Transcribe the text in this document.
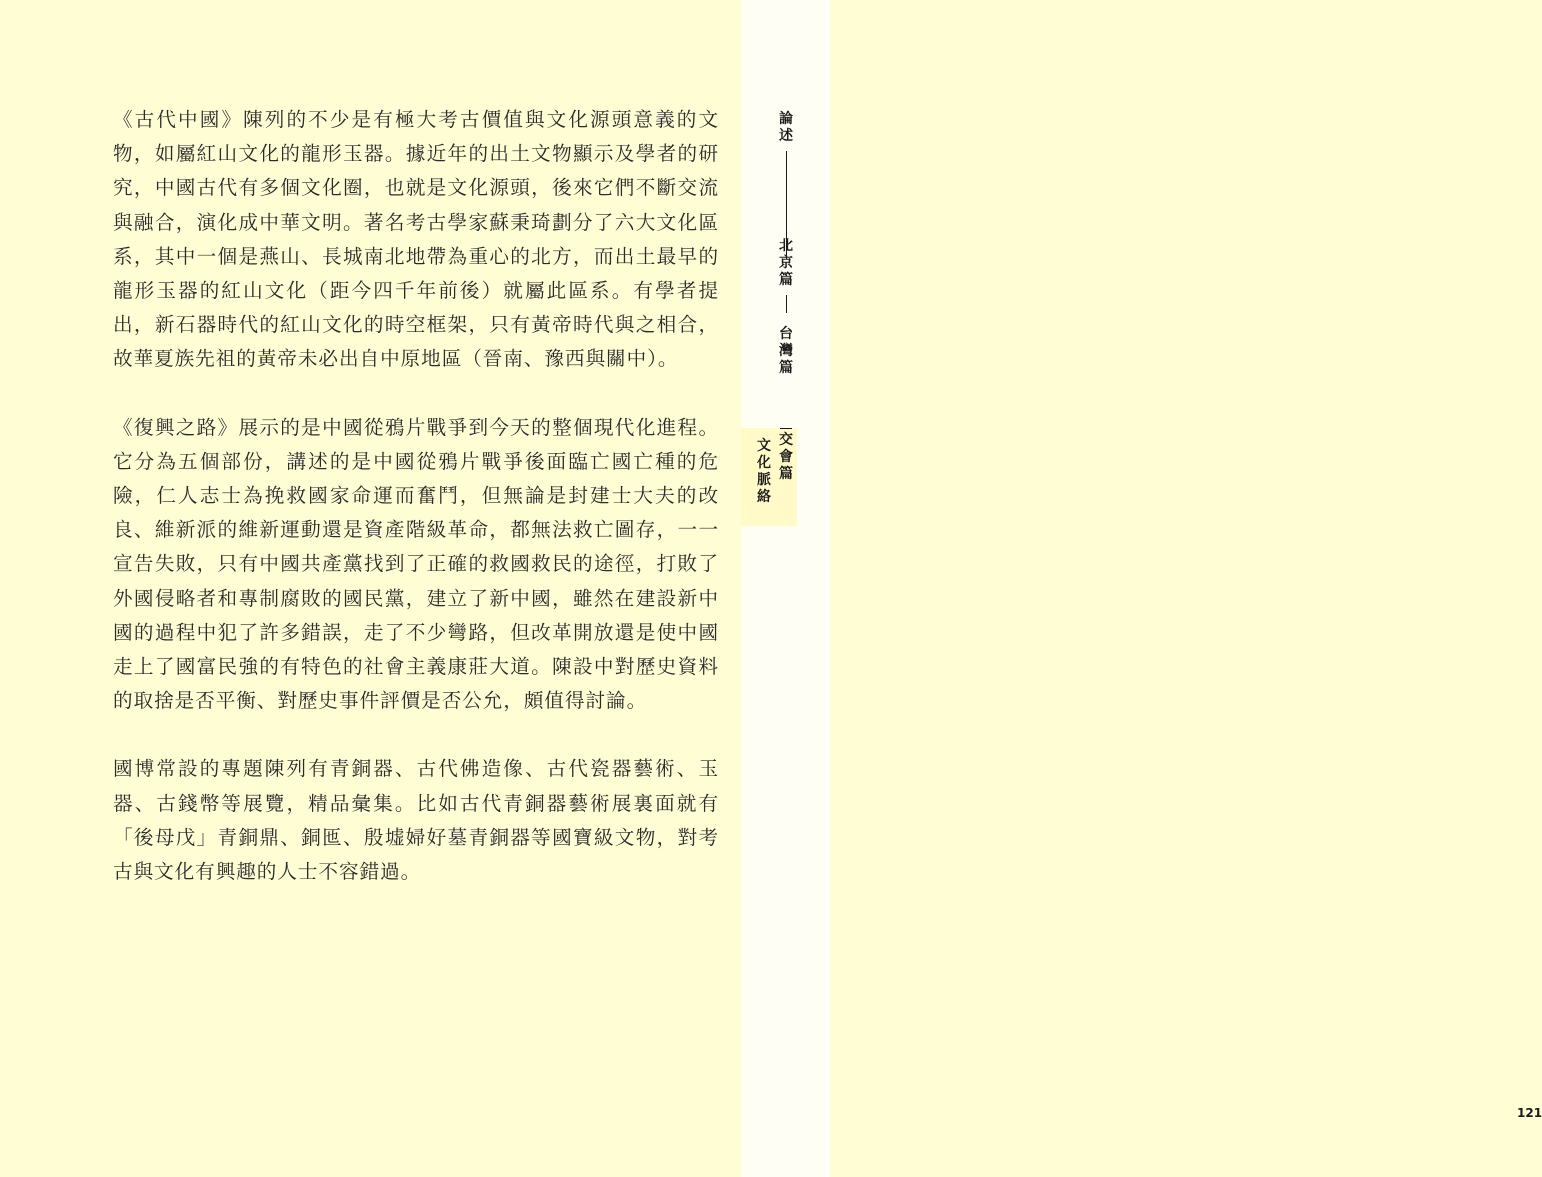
《古代中國》陳列的不少是有極大考古價值與文化源頭意義的文物，如屬紅山文化的龍形玉器。據近年的出土文物顯示及學者的研究，中國古代有多個文化圈，也就是文化源頭，後來它們不斷交流與融合，演化成中華文明。著名考古學家蘇秉琦劃分了六大文化區系，其中一個是燕山、長城南北地帶為重心的北方，而出土最早的龍形玉器的紅山文化（距今四千年前後）就屬此區系。有學者提出，新石器時代的紅山文化的時空框架，只有黃帝時代與之相合，故華夏族先祖的黃帝未必出自中原地區（晉南、豫西與關中）。

《復興之路》展示的是中國從鴉片戰爭到今天的整個現代化進程。它分為五個部份，講述的是中國從鴉片戰爭後面臨亡國亡種的危險，仁人志士為挽救國家命運而奮鬥，但無論是封建士大夫的改良、維新派的維新運動還是資產階級革命，都無法救亡圖存，一一宣告失敗，只有中國共產黨找到了正確的救國救民的途徑，打敗了外國侵略者和專制腐敗的國民黨，建立了新中國，雖然在建設新中國的過程中犯了許多錯誤，走了不少彎路，但改革開放還是使中國走上了國富民強的有特色的社會主義康莊大道。陳設中對歷史資料的取捨是否平衡、對歷史事件評價是否公允，頗值得討論。

國博常設的專題陳列有青銅器、古代佛造像、古代瓷器藝術、玉器、古錢幣等展覽，精品彙集。比如古代青銅器藝術展裏面就有「後母戊」青銅鼎、銅匜、殷墟婦好墓青銅器等國寶級文物，對考古與文化有興趣的人士不容錯過。

論
述
北
京
篇
台
灣
篇
文
化
脈
絡
交
會
篇
121
